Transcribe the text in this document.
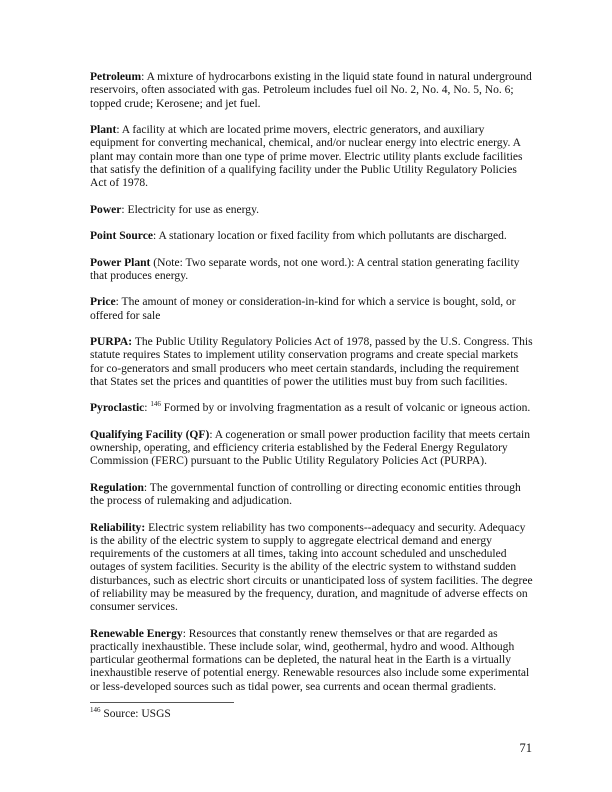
Petroleum: A mixture of hydrocarbons existing in the liquid state found in natural underground reservoirs, often associated with gas. Petroleum includes fuel oil No. 2, No. 4, No. 5, No. 6; topped crude; Kerosene; and jet fuel.

Plant: A facility at which are located prime movers, electric generators, and auxiliary equipment for converting mechanical, chemical, and/or nuclear energy into electric energy. A plant may contain more than one type of prime mover. Electric utility plants exclude facilities that satisfy the definition of a qualifying facility under the Public Utility Regulatory Policies Act of 1978.

Power: Electricity for use as energy.

Point Source: A stationary location or fixed facility from which pollutants are discharged.

Power Plant (Note: Two separate words, not one word.): A central station generating facility that produces energy.

Price: The amount of money or consideration-in-kind for which a service is bought, sold, or offered for sale

PURPA: The Public Utility Regulatory Policies Act of 1978, passed by the U.S. Congress. This statute requires States to implement utility conservation programs and create special markets for co-generators and small producers who meet certain standards, including the requirement that States set the prices and quantities of power the utilities must buy from such facilities.

Pyroclastic: $^{146}$ Formed by or involving fragmentation as a result of volcanic or igneous action.

Qualifying Facility (QF): A cogeneration or small power production facility that meets certain ownership, operating, and efficiency criteria established by the Federal Energy Regulatory Commission (FERC) pursuant to the Public Utility Regulatory Policies Act (PURPA).

Regulation: The governmental function of controlling or directing economic entities through the process of rulemaking and adjudication.

Reliability: Electric system reliability has two components--adequacy and security. Adequacy is the ability of the electric system to supply to aggregate electrical demand and energy requirements of the customers at all times, taking into account scheduled and unscheduled outages of system facilities. Security is the ability of the electric system to withstand sudden disturbances, such as electric short circuits or unanticipated loss of system facilities. The degree of reliability may be measured by the frequency, duration, and magnitude of adverse effects on consumer services.

Renewable Energy: Resources that constantly renew themselves or that are regarded as practically inexhaustible. These include solar, wind, geothermal, hydro and wood. Although particular geothermal formations can be depleted, the natural heat in the Earth is a virtually inexhaustible reserve of potential energy. Renewable resources also include some experimental or less-developed sources such as tidal power, sea currents and ocean thermal gradients.

$^{146}$ Source: USGS
71
